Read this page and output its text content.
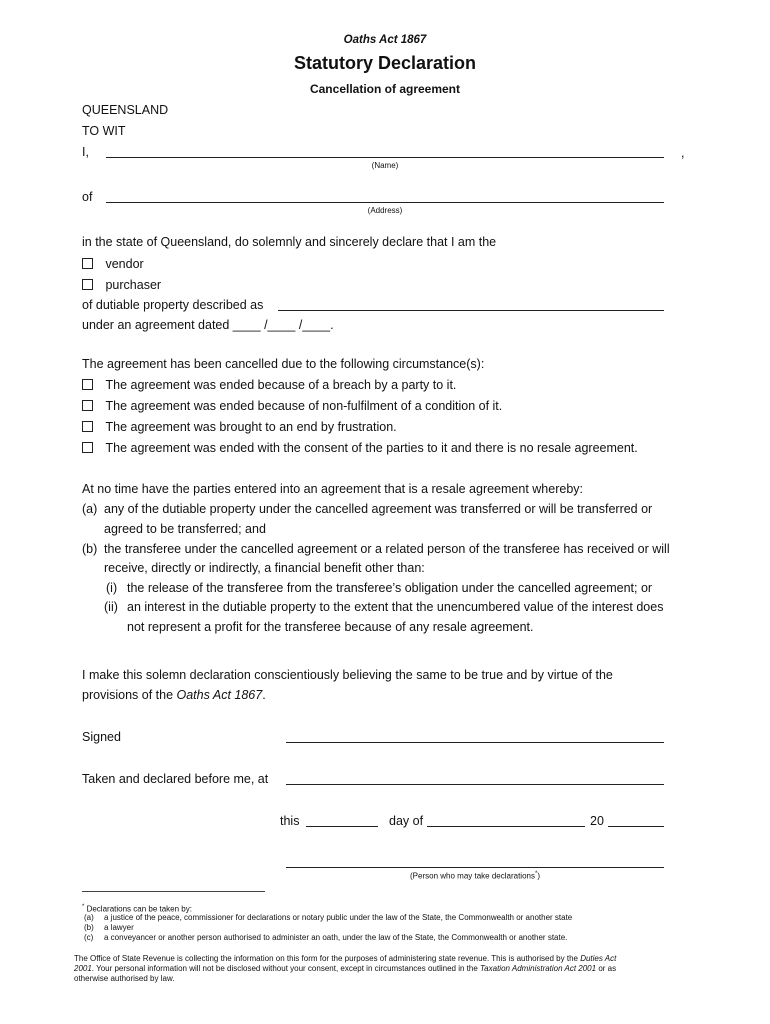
Oaths Act 1867
Statutory Declaration
Cancellation of agreement
QUEENSLAND
TO WIT
I,	,
(Name)
of
(Address)
in the state of Queensland, do solemnly and sincerely declare that I am the
vendor
purchaser
of dutiable property described as
under an agreement dated ____ /____ /____.
The agreement has been cancelled due to the following circumstance(s):
The agreement was ended because of a breach by a party to it.
The agreement was ended because of non-fulfilment of a condition of it.
The agreement was brought to an end by frustration.
The agreement was ended with the consent of the parties to it and there is no resale agreement.
At no time have the parties entered into an agreement that is a resale agreement whereby:
(a) any of the dutiable property under the cancelled agreement was transferred or will be transferred or
agreed to be transferred; and
(b) the transferee under the cancelled agreement or a related person of the transferee has received or will
receive, directly or indirectly, a financial benefit other than:
(i) the release of the transferee from the transferee’s obligation under the cancelled agreement; or
(ii) an interest in the dutiable property to the extent that the unencumbered value of the interest does
not represent a profit for the transferee because of any resale agreement.
I make this solemn declaration conscientiously believing the same to be true and by virtue of the
provisions of the Oaths Act 1867.
Signed
Taken and declared before me, at
this	day of	20
(Person who may take declarations*)
* Declarations can be taken by:
(a) a justice of the peace, commissioner for declarations or notary public under the law of the State, the Commonwealth or another state
(b) a lawyer
(c) a conveyancer or another person authorised to administer an oath, under the law of the State, the Commonwealth or another state.
The Office of State Revenue is collecting the information on this form for the purposes of administering state revenue. This is authorised by the Duties Act
2001. Your personal information will not be disclosed without your consent, except in circumstances outlined in the Taxation Administration Act 2001 or as
otherwise authorised by law.
